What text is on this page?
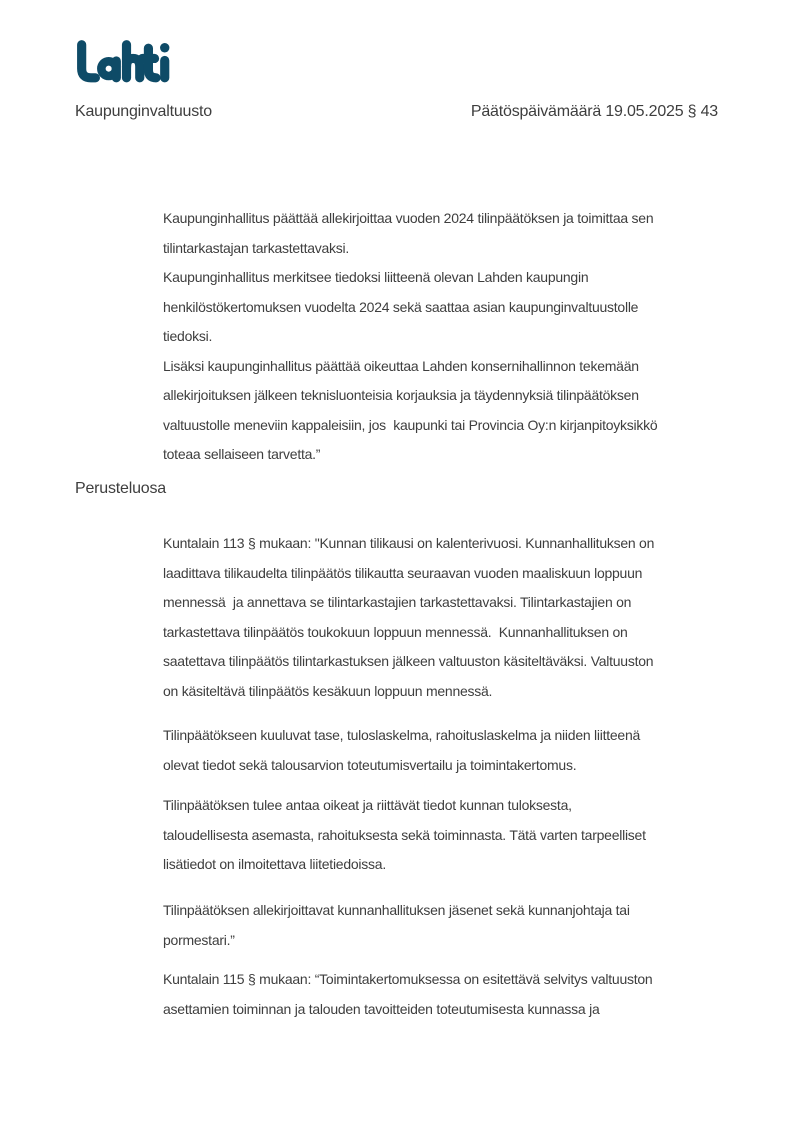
Kaupunginvaltuusto	Päätöspäivämäärä 19.05.2025 § 43
Kaupunginhallitus päättää allekirjoittaa vuoden 2024 tilinpäätöksen ja toimittaa sen
tilintarkastajan tarkastettavaksi.
Kaupunginhallitus merkitsee tiedoksi liitteenä olevan Lahden kaupungin
henkilöstökertomuksen vuodelta 2024 sekä saattaa asian kaupunginvaltuustolle
tiedoksi.
Lisäksi kaupunginhallitus päättää oikeuttaa Lahden konsernihallinnon tekemään
allekirjoituksen jälkeen teknisluonteisia korjauksia ja täydennyksiä tilinpäätöksen
valtuustolle meneviin kappaleisiin, jos  kaupunki tai Provincia Oy:n kirjanpitoyksikkö
toteaa sellaiseen tarvetta.”
Perusteluosa
Kuntalain 113 § mukaan: "Kunnan tilikausi on kalenterivuosi. Kunnanhallituksen on
laadittava tilikaudelta tilinpäätös tilikautta seuraavan vuoden maaliskuun loppuun
mennessä  ja annettava se tilintarkastajien tarkastettavaksi. Tilintarkastajien on
tarkastettava tilinpäätös toukokuun loppuun mennessä.  Kunnanhallituksen on
saatettava tilinpäätös tilintarkastuksen jälkeen valtuuston käsiteltäväksi. Valtuuston
on käsiteltävä tilinpäätös kesäkuun loppuun mennessä.
Tilinpäätökseen kuuluvat tase, tuloslaskelma, rahoituslaskelma ja niiden liitteenä
olevat tiedot sekä talousarvion toteutumisvertailu ja toimintakertomus.
Tilinpäätöksen tulee antaa oikeat ja riittävät tiedot kunnan tuloksesta,
taloudellisesta asemasta, rahoituksesta sekä toiminnasta. Tätä varten tarpeelliset
lisätiedot on ilmoitettava liitetiedoissa.
Tilinpäätöksen allekirjoittavat kunnanhallituksen jäsenet sekä kunnanjohtaja tai
pormestari.”
Kuntalain 115 § mukaan: “Toimintakertomuksessa on esitettävä selvitys valtuuston
asettamien toiminnan ja talouden tavoitteiden toteutumisesta kunnassa ja
